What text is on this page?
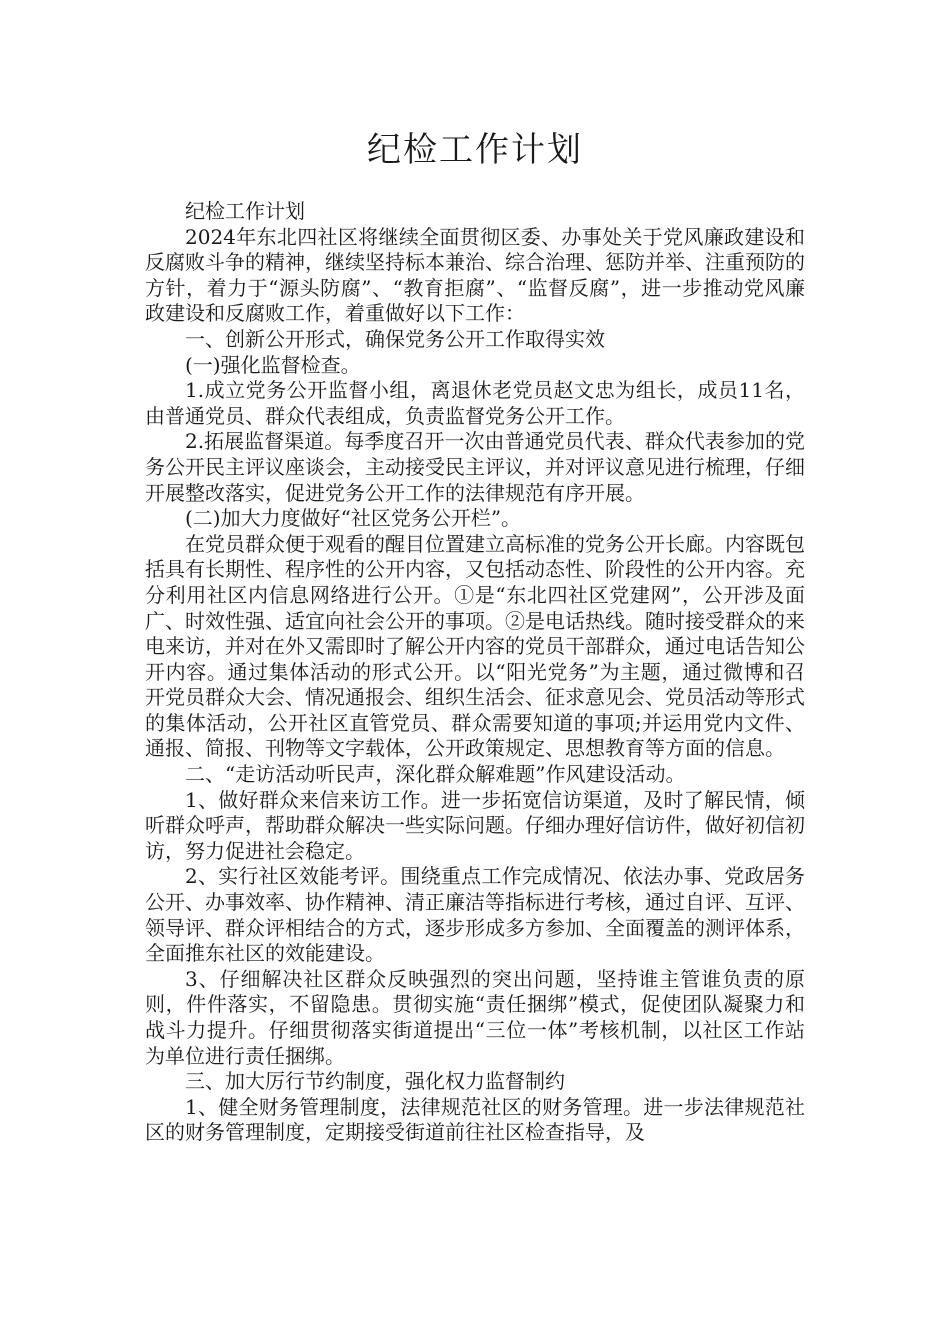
纪检工作计划

纪检工作计划

2024年东北四社区将继续全面贯彻区委、办事处关于党风廉政建设和反腐败斗争的精神，继续坚持标本兼治、综合治理、惩防并举、注重预防的方针，着力于“源头防腐”、“教育拒腐”、“监督反腐”，进一步推动党风廉政建设和反腐败工作，着重做好以下工作：

一、创新公开形式，确保党务公开工作取得实效

(一)强化监督检查。

1.成立党务公开监督小组，离退休老党员赵文忠为组长，成员11名，由普通党员、群众代表组成，负责监督党务公开工作。

2.拓展监督渠道。每季度召开一次由普通党员代表、群众代表参加的党务公开民主评议座谈会，主动接受民主评议，并对评议意见进行梳理，仔细开展整改落实，促进党务公开工作的法律规范有序开展。

(二)加大力度做好“社区党务公开栏”。

在党员群众便于观看的醒目位置建立高标准的党务公开长廊。内容既包括具有长期性、程序性的公开内容，又包括动态性、阶段性的公开内容。充分利用社区内信息网络进行公开。①是“东北四社区党建网”，公开涉及面广、时效性强、适宜向社会公开的事项。②是电话热线。随时接受群众的来电来访，并对在外又需即时了解公开内容的党员干部群众，通过电话告知公开内容。通过集体活动的形式公开。以“阳光党务”为主题，通过微博和召开党员群众大会、情况通报会、组织生活会、征求意见会、党员活动等形式的集体活动，公开社区直管党员、群众需要知道的事项;并运用党内文件、通报、简报、刊物等文字载体，公开政策规定、思想教育等方面的信息。

二、“走访活动听民声，深化群众解难题”作风建设活动。

1、做好群众来信来访工作。进一步拓宽信访渠道，及时了解民情，倾听群众呼声，帮助群众解决一些实际问题。仔细办理好信访件，做好初信初访，努力促进社会稳定。

2、实行社区效能考评。围绕重点工作完成情况、依法办事、党政居务公开、办事效率、协作精神、清正廉洁等指标进行考核，通过自评、互评、领导评、群众评相结合的方式，逐步形成多方参加、全面覆盖的测评体系，全面推东社区的效能建设。

3、仔细解决社区群众反映强烈的突出问题，坚持谁主管谁负责的原则，件件落实，不留隐患。贯彻实施“责任捆绑”模式，促使团队凝聚力和战斗力提升。仔细贯彻落实街道提出“三位一体”考核机制，以社区工作站为单位进行责任捆绑。

三、加大厉行节约制度，强化权力监督制约

1、健全财务管理制度，法律规范社区的财务管理。进一步法律规范社区的财务管理制度，定期接受街道前往社区检查指导，及
